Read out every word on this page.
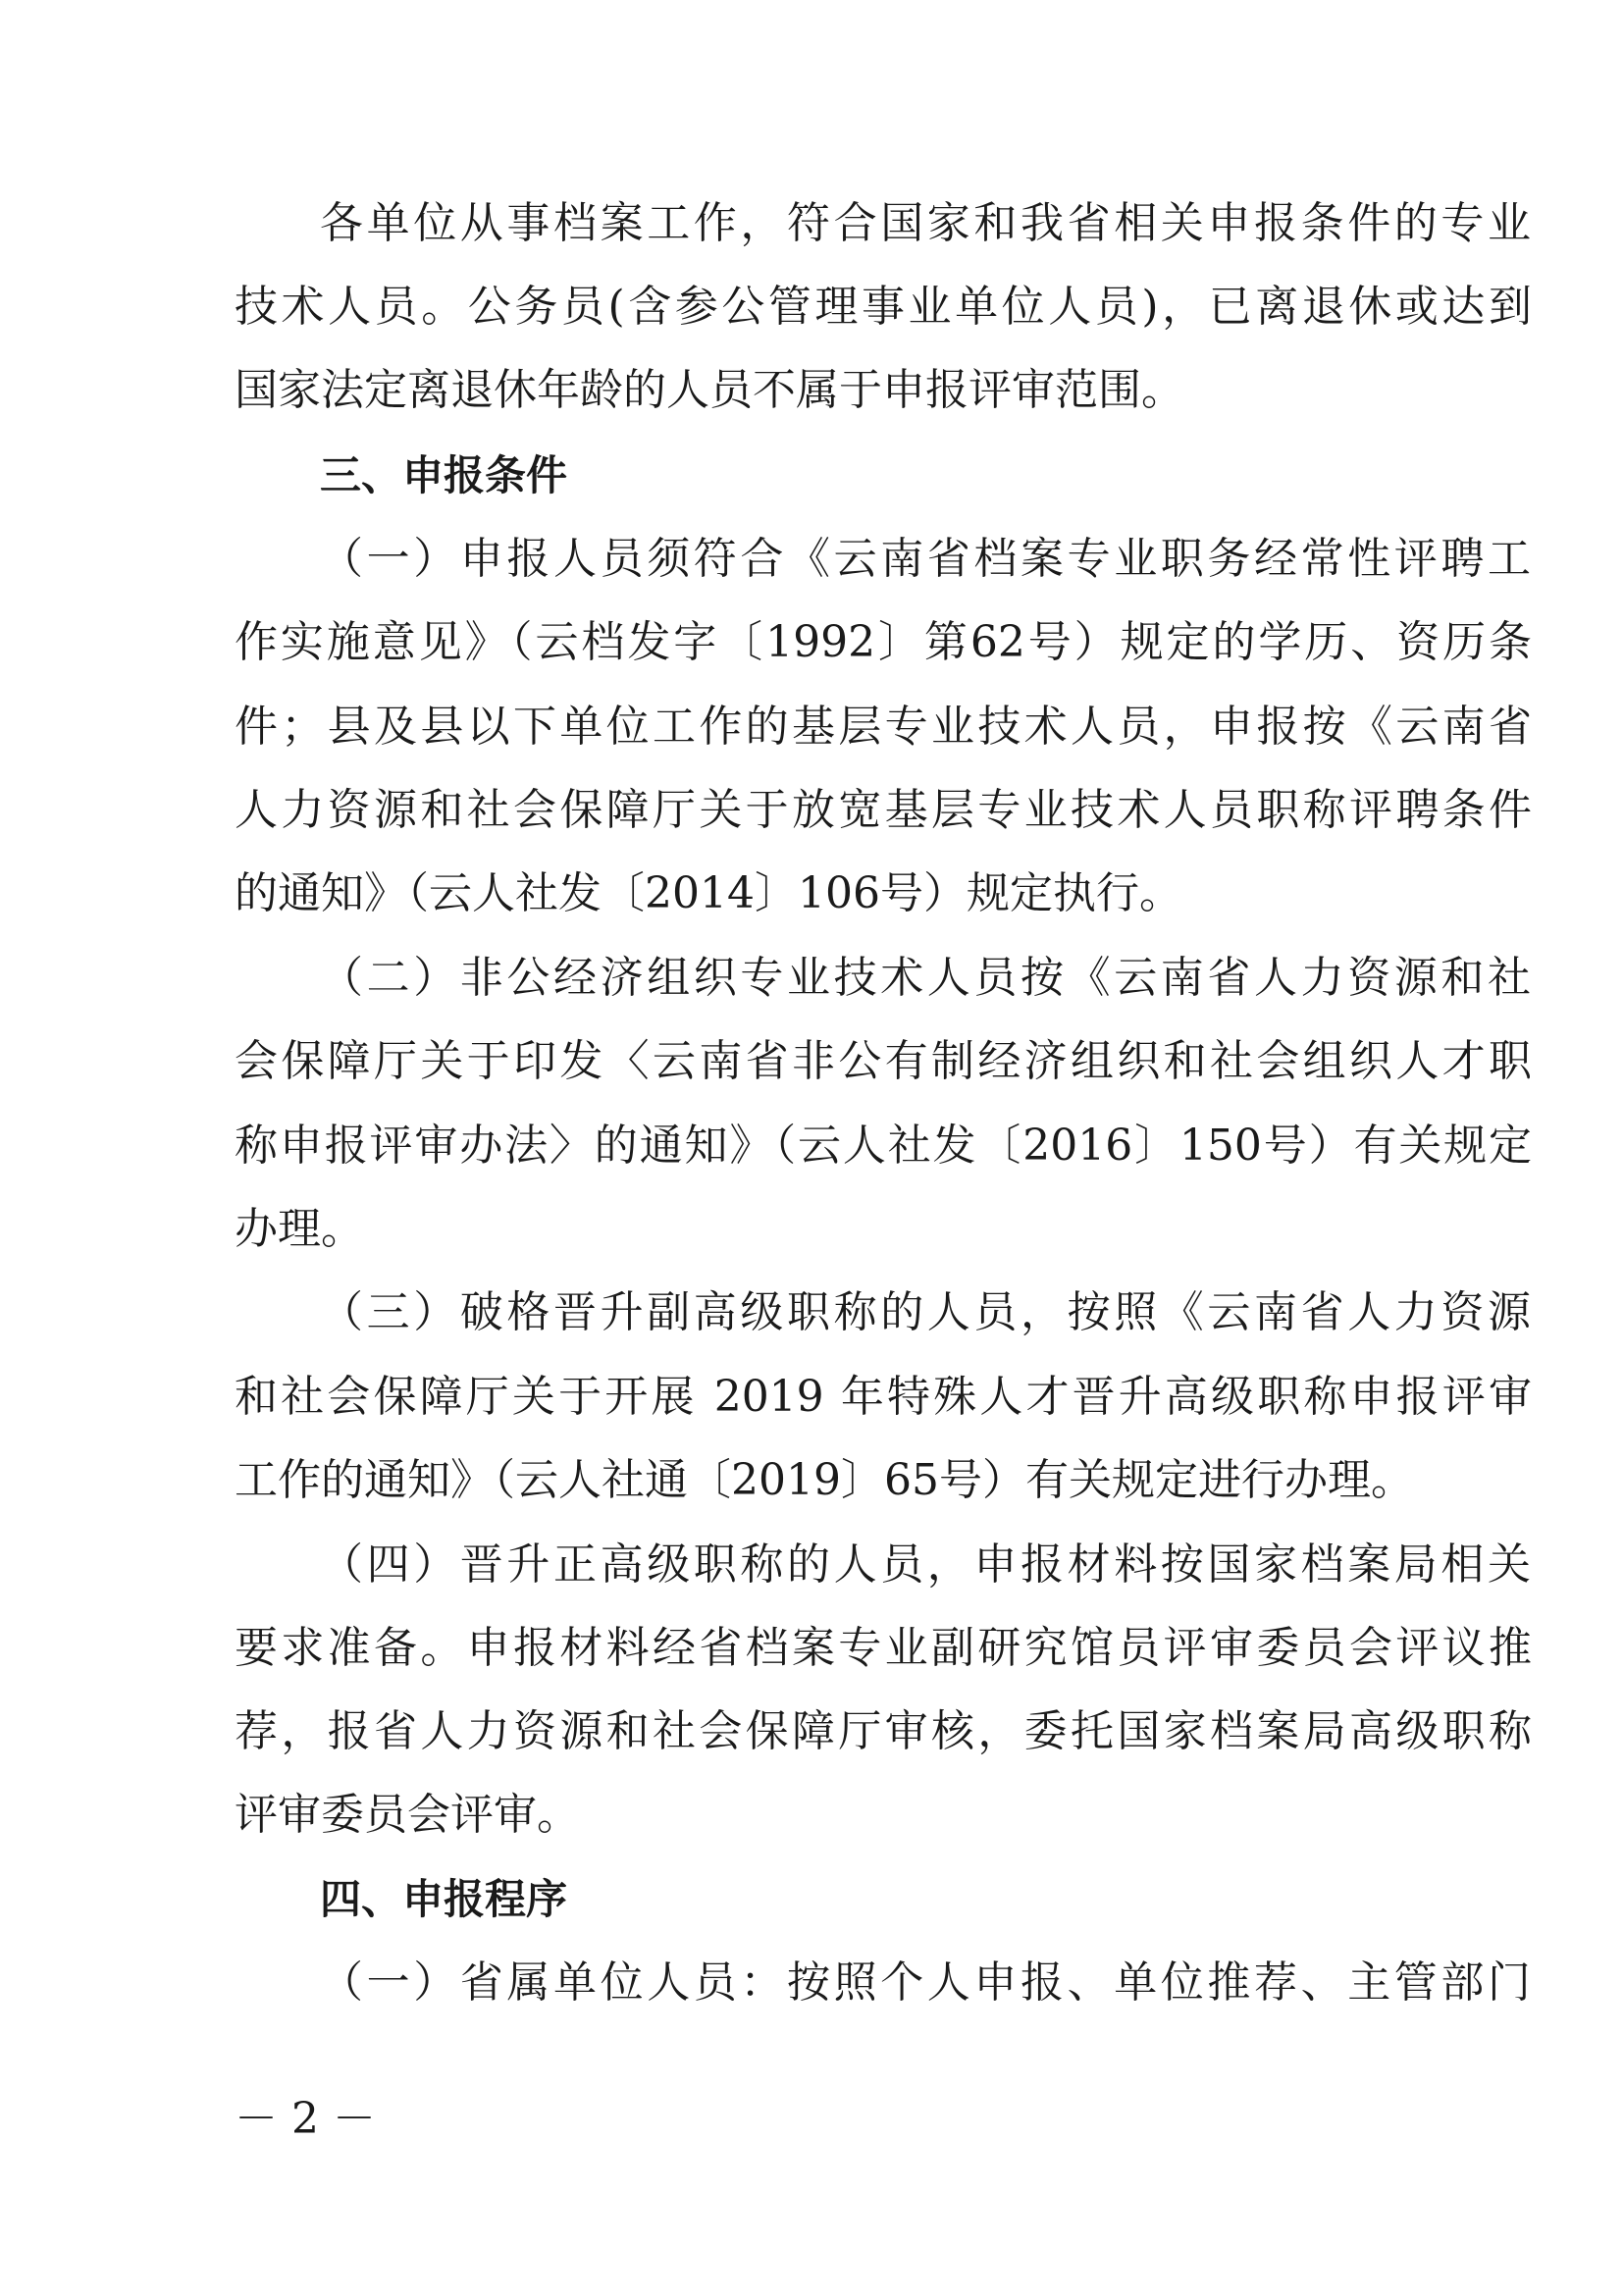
各单位从事档案工作，符合国家和我省相关申报条件的专业
技术人员。公务员(含参公管理事业单位人员)，已离退休或达到
国家法定离退休年龄的人员不属于申报评审范围。
三、申报条件
（一）申报人员须符合《云南省档案专业职务经常性评聘工
作实施意见》（云档发字〔1992〕第62号）规定的学历、资历条
件；县及县以下单位工作的基层专业技术人员，申报按《云南省
人力资源和社会保障厅关于放宽基层专业技术人员职称评聘条件
的通知》（云人社发〔2014〕106号）规定执行。
（二）非公经济组织专业技术人员按《云南省人力资源和社
会保障厅关于印发〈云南省非公有制经济组织和社会组织人才职
称申报评审办法〉的通知》（云人社发〔2016〕150号）有关规定
办理。
（三）破格晋升副高级职称的人员，按照《云南省人力资源
和社会保障厅关于开展 2019 年特殊人才晋升高级职称申报评审
工作的通知》（云人社通〔2019〕65号）有关规定进行办理。
（四）晋升正高级职称的人员，申报材料按国家档案局相关
要求准备。申报材料经省档案专业副研究馆员评审委员会评议推
荐，报省人力资源和社会保障厅审核，委托国家档案局高级职称
评审委员会评审。
四、申报程序
（一）省属单位人员：按照个人申报、单位推荐、主管部门
－ 2 －
